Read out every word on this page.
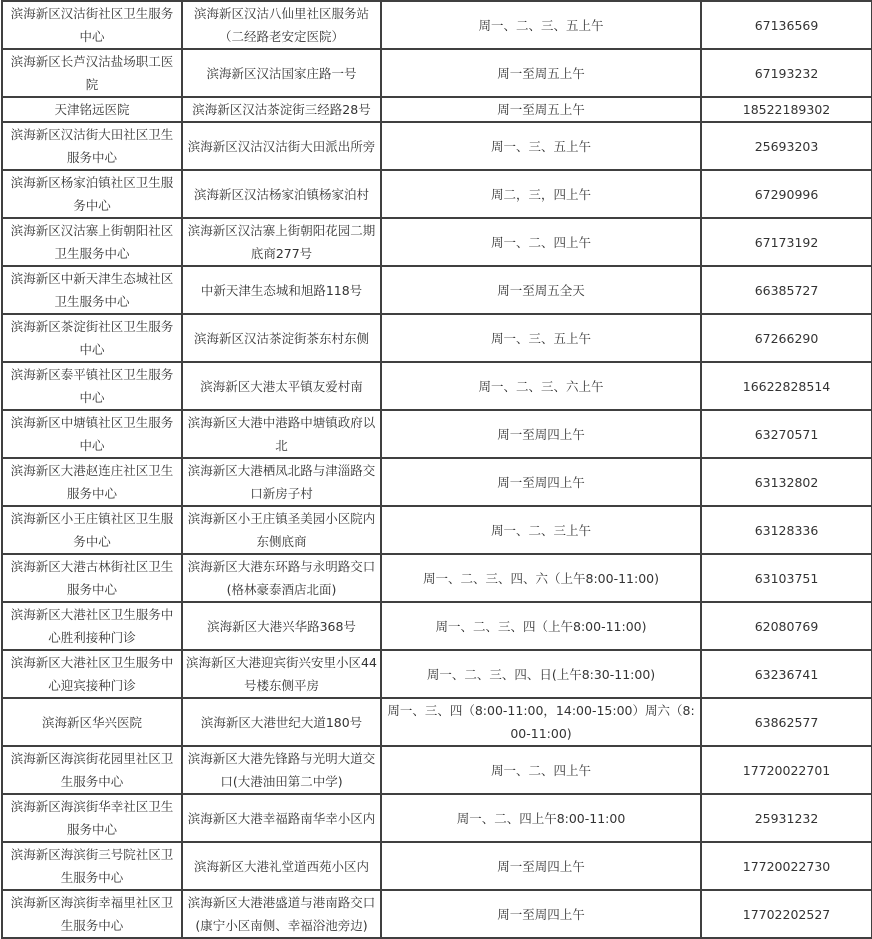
滨海新区汉沽街社区卫生服务中心	滨海新区汉沽八仙里社区服务站（二经路老安定医院）	周一、二、三、五上午	67136569
滨海新区长芦汉沽盐场职工医院	滨海新区汉沽国家庄路一号	周一至周五上午	67193232
天津铭远医院	滨海新区汉沽茶淀街三经路28号	周一至周五上午	18522189302
滨海新区汉沽街大田社区卫生服务中心	滨海新区汉沽汉沽街大田派出所旁	周一、三、五上午	25693203
滨海新区杨家泊镇社区卫生服务中心	滨海新区汉沽杨家泊镇杨家泊村	周二，三，四上午	67290996
滨海新区汉沽寨上街朝阳社区卫生服务中心	滨海新区汉沽寨上街朝阳花园二期底商277号	周一、二、四上午	67173192
滨海新区中新天津生态城社区卫生服务中心	中新天津生态城和旭路118号	周一至周五全天	66385727
滨海新区茶淀街社区卫生服务中心	滨海新区汉沽茶淀街茶东村东侧	周一、三、五上午	67266290
滨海新区泰平镇社区卫生服务中心	滨海新区大港太平镇友爱村南	周一、二、三、六上午	16622828514
滨海新区中塘镇社区卫生服务中心	滨海新区大港中港路中塘镇政府以北	周一至周四上午	63270571
滨海新区大港赵连庄社区卫生服务中心	滨海新区大港栖凤北路与津淄路交口新房子村	周一至周四上午	63132802
滨海新区小王庄镇社区卫生服务中心	滨海新区小王庄镇圣美园小区院内东侧底商	周一、二、三上午	63128336
滨海新区大港古林街社区卫生服务中心	滨海新区大港东环路与永明路交口(格林豪泰酒店北面)	周一、二、三、四、六（上午8:00-11:00)	63103751
滨海新区大港社区卫生服务中心胜利接种门诊	滨海新区大港兴华路368号	周一、二、三、四（上午8:00-11:00)	62080769
滨海新区大港社区卫生服务中心迎宾接种门诊	滨海新区大港迎宾街兴安里小区44号楼东侧平房	周一、二、三、四、日(上午8:30-11:00)	63236741
滨海新区华兴医院	滨海新区大港世纪大道180号	周一、三、四（8:00-11:00，14:00-15:00）周六（8:00-11:00)	63862577
滨海新区海滨街花园里社区卫生服务中心	滨海新区大港先锋路与光明大道交口(大港油田第二中学)	周一、二、四上午	17720022701
滨海新区海滨街华幸社区卫生服务中心	滨海新区大港幸福路南华幸小区内	周一、二、四上午8:00-11:00	25931232
滨海新区海滨街三号院社区卫生服务中心	滨海新区大港礼堂道西苑小区内	周一至周四上午	17720022730
滨海新区海滨街幸福里社区卫生服务中心	滨海新区大港港盛道与港南路交口(康宁小区南侧、幸福浴池旁边)	周一至周四上午	17702202527
